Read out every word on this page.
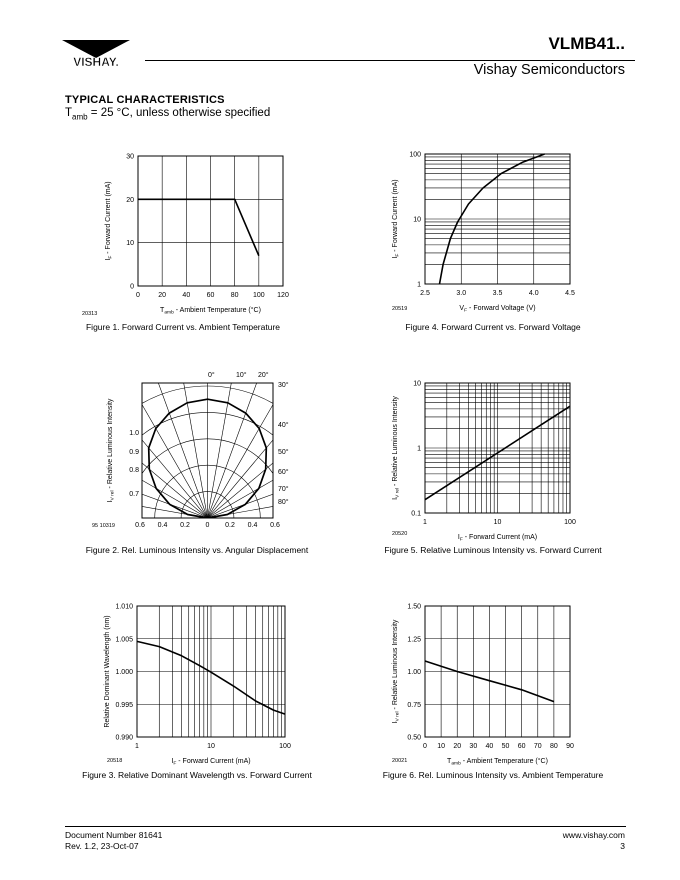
VISHAY.
VLMB41..
Vishay Semiconductors
TYPICAL CHARACTERISTICS
$T_{amb} = 25$ °C, unless otherwise specified
0	20 40 60 80 100 120
0
10
20
30
$T_{amb}$ - Ambient Temperature (°C)
$I_F$ - Forward Current (mA)
20313
2.5	3.0	3.5	4.0	4.5
1
10
100
$V_F$ - Forward Voltage (V)
$I_F$ - Forward Current (mA)
20519
0°	10° 20°
30°
40°
50°
60°
70°
80°
1.0
0.9
0.8
0.7
0.6 0.4 0.2 0 0.2 0.4 0.6
$I_{V rel}$ - Relative Luminous Intensity
95 10319	1	10	100
0.1
1
10
$I_F$ - Forward Current (mA)
$I_{V rel}$ - Relative Luminous Intensity
20520
1	10	100
0.990
0.995
1.000
1.005
1.010
$I_F$ - Forward Current (mA)
Relative Dominant Wavelength (nm)
20518
0 10 20 30 40 50 60 70 80 90
0.50
0.75
1.00
1.25
1.50
$T_{amb}$ - Ambient Temperature (°C)
$I_{V rel}$ - Relative Luminous Intensity
20021
Figure 1. Forward Current vs. Ambient Temperature	Figure 4. Forward Current vs. Forward Voltage
Figure 2. Rel. Luminous Intensity vs. Angular Displacement	Figure 5. Relative Luminous Intensity vs. Forward Current
Figure 3. Relative Dominant Wavelength vs. Forward Current	Figure 6. Rel. Luminous Intensity vs. Ambient Temperature
Document Number 81641
Rev. 1.2, 23-Oct-07
www.vishay.com
3
